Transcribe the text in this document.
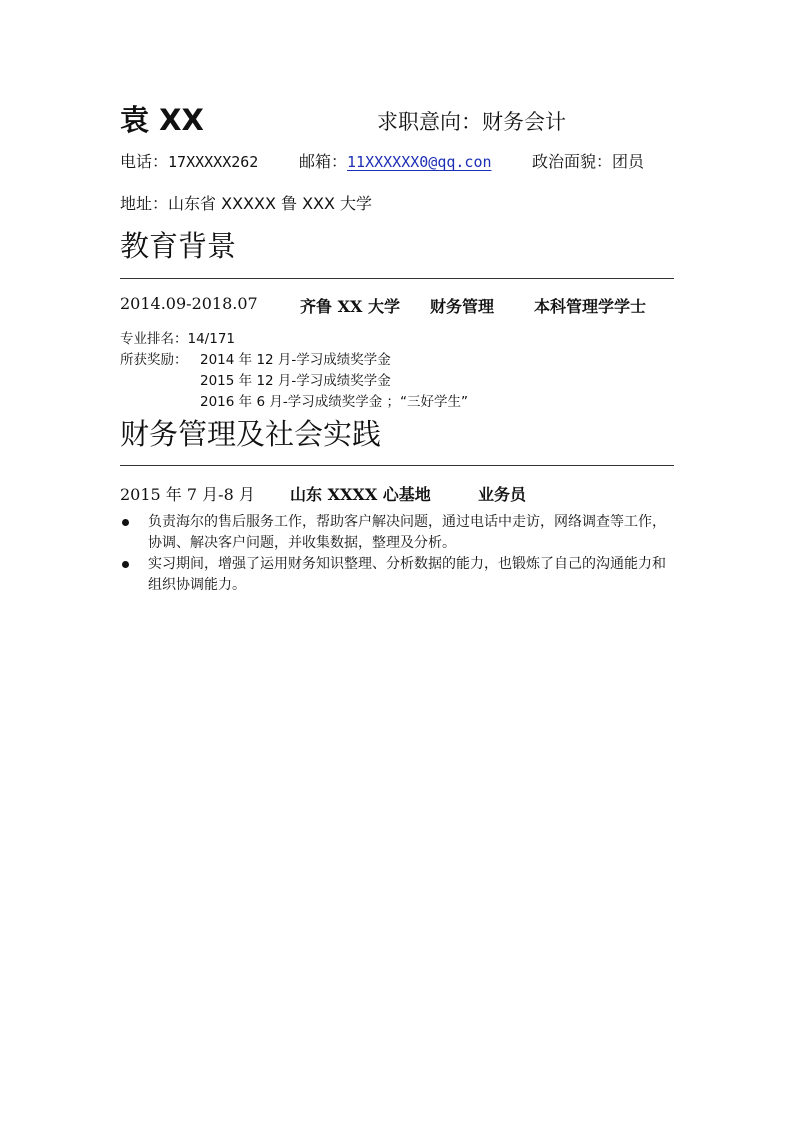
袁 XX	求职意向：财务会计
电话：17XXXXX262	邮箱：11XXXXXX0@qq.con	政治面貌：团员
地址：山东省 XXXXX 鲁 XXX 大学
教育背景
2014.09-2018.07	齐鲁 XX 大学 财务管理 本科管理学学士
专业排名：14/171
所获奖励： 2014 年 12 月-学习成绩奖学金
2015 年 12 月-学习成绩奖学金
2016 年 6 月-学习成绩奖学金 ；“三好学生”
财务管理及社会实践
2015 年 7 月-8 月 山东 XXXX 心基地	业务员
负责海尔的售后服务工作，帮助客户解决问题，通过电话中走访，网络调查等工作，协调、解决客户问题，并收集数据，整理及分析。
实习期间，增强了运用财务知识整理、分析数据的能力，也锻炼了自己的沟通能力和组织协调能力。
